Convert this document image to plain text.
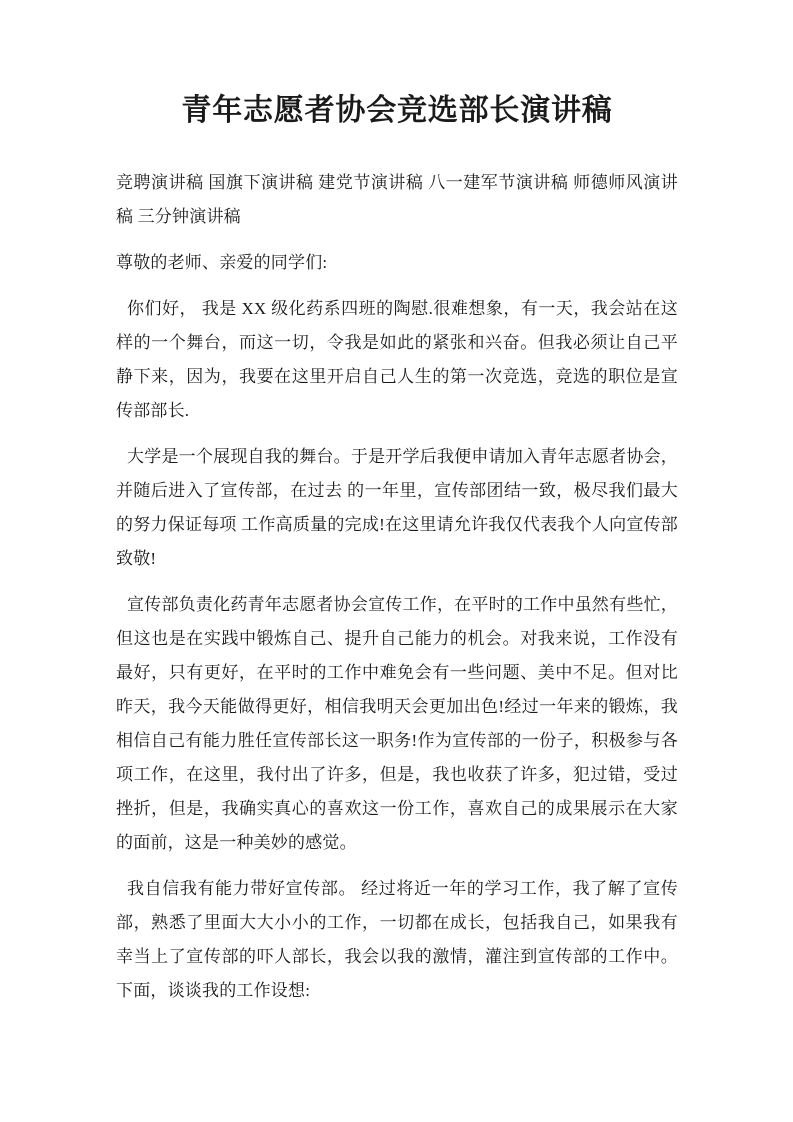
青年志愿者协会竞选部长演讲稿

竞聘演讲稿 国旗下演讲稿 建党节演讲稿 八一建军节演讲稿 师德师风演讲稿 三分钟演讲稿

尊敬的老师、亲爱的同学们:

你们好， 我是 XX 级化药系四班的陶慰.很难想象，有一天，我会站在这样的一个舞台，而这一切，令我是如此的紧张和兴奋。但我必须让自己平静下来，因为，我要在这里开启自己人生的第一次竞选，竞选的职位是宣传部部长.

大学是一个展现自我的舞台。于是开学后我便申请加入青年志愿者协会，并随后进入了宣传部，在过去 的一年里，宣传部团结一致，极尽我们最大的努力保证每项 工作高质量的完成!在这里请允许我仅代表我个人向宣传部 致敬!

宣传部负责化药青年志愿者协会宣传工作，在平时的工作中虽然有些忙，但这也是在实践中锻炼自己、提升自己能力的机会。对我来说，工作没有最好，只有更好，在平时的工作中难免会有一些问题、美中不足。但对比昨天，我今天能做得更好，相信我明天会更加出色!经过一年来的锻炼，我相信自己有能力胜任宣传部长这一职务!作为宣传部的一份子，积极参与各项工作，在这里，我付出了许多，但是，我也收获了许多，犯过错，受过挫折，但是，我确实真心的喜欢这一份工作，喜欢自己的成果展示在大家的面前，这是一种美妙的感觉。

我自信我有能力带好宣传部。 经过将近一年的学习工作，我了解了宣传部，熟悉了里面大大小小的工作，一切都在成长，包括我自己，如果我有幸当上了宣传部的吓人部长，我会以我的激情，灌注到宣传部的工作中。下面，谈谈我的工作设想:
